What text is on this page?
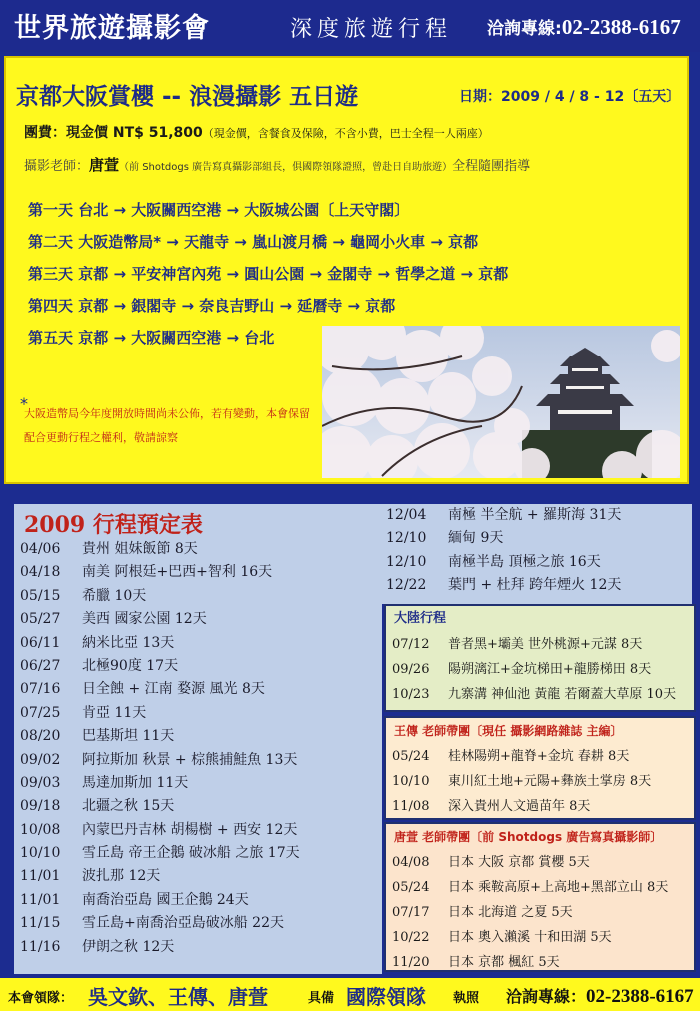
世界旅遊攝影會	深度旅遊行程 洽詢專線:02-2388-6167
京都大阪賞櫻 -- 浪漫攝影 五日遊	日期：2009 / 4 / 8 - 12〔五天〕
團費：現金價 NT$ 51,800（現金價，含餐食及保險，不含小費，巴士全程一人兩座）
攝影老師：唐萱（前 Shotdogs 廣告寫真攝影部組長，俱國際領隊證照，曾赴日自助旅遊）全程隨團指導
第一天 台北 → 大阪關西空港 → 大阪城公園〔上天守閣〕
第二天 大阪造幣局* → 天龍寺 → 嵐山渡月橋 → 龜岡小火車 → 京都
第三天 京都 → 平安神宮內苑 → 圓山公園 → 金閣寺 → 哲學之道 → 京都
第四天 京都 → 銀閣寺 → 奈良吉野山 → 延曆寺 → 京都
第五天 京都 → 大阪關西空港 → 台北
*
大阪造幣局今年度開放時間尚未公佈，若有變動，本會保留配合更動行程之權利，敬請諒察
2009 行程預定表
04/06 貴州 姐妹飯節 8天
04/18 南美 阿根廷+巴西+智利 16天
05/15 希臘 10天
05/27 美西 國家公園 12天
06/11 納米比亞 13天
06/27 北極90度 17天
07/16 日全蝕 + 江南 婺源 風光 8天
07/25 肯亞 11天
08/20 巴基斯坦 11天
09/02 阿拉斯加 秋景 + 棕熊捕鮭魚 13天
09/03 馬達加斯加 11天
09/18 北疆之秋 15天
10/08 內蒙巴丹吉林 胡楊樹 + 西安 12天
10/10 雪丘島 帝王企鵝 破冰船 之旅 17天
11/01 波扎那 12天
11/01 南喬治亞島 國王企鵝 24天
11/15 雪丘島+南喬治亞島破冰船 22天
11/16 伊朗之秋 12天
12/04 南極 半全航 + 羅斯海 31天
12/10 緬甸 9天
12/10 南極半島 頂極之旅 16天
12/22 葉門 + 杜拜 跨年煙火 12天
大陸行程
07/12 普者黑+壩美 世外桃源+元謀 8天
09/26 陽朔漓江+金坑梯田+龍勝梯田 8天
10/23 九寨溝 神仙池 黃龍 若爾蓋大草原 10天
王傳 老師帶團〔現任 攝影網路雜誌 主編〕
05/24 桂林陽朔+龍脊+金坑 春耕 8天
10/10 東川紅土地+元陽+彝族土掌房 8天
11/08 深入貴州人文過苗年 8天
唐萱 老師帶團〔前 Shotdogs 廣告寫真攝影師〕
04/08 日本 大阪 京都 賞櫻 5天
05/24 日本 乘鞍高原+上高地+黑部立山 8天
07/17 日本 北海道 之夏 5天
10/22 日本 奧入瀨溪 十和田湖 5天
11/20 日本 京都 楓紅 5天
本會領隊： 吳文欽、王傳、唐萱	具備 國際領隊 執照 洽詢專線：02-2388-6167
